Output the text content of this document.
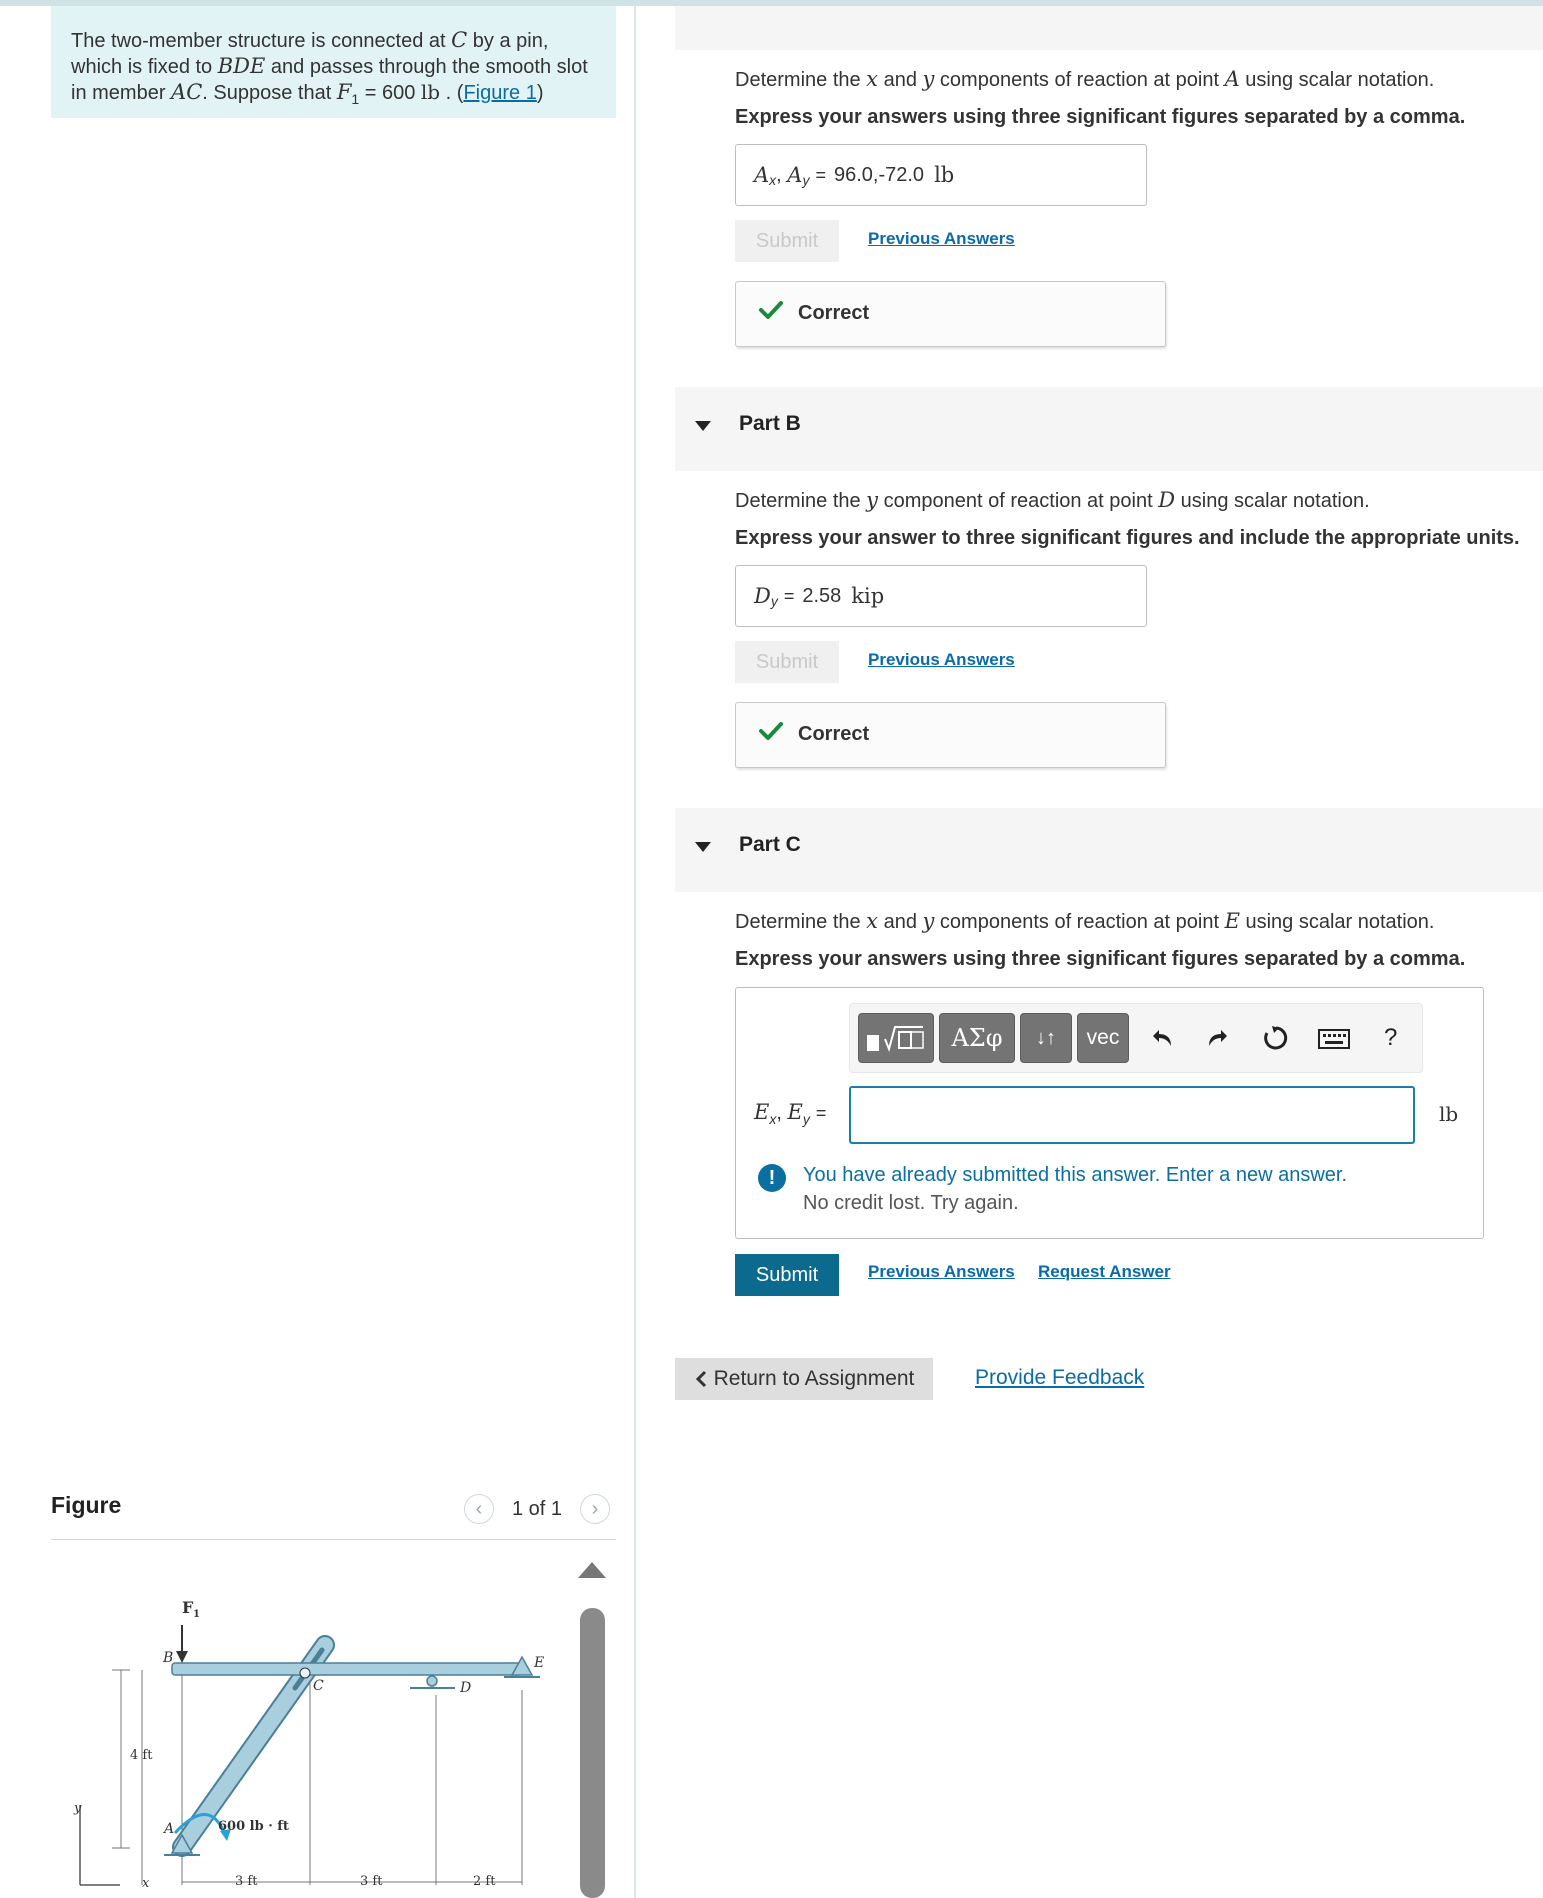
The two-member structure is connected at C by a pin, which is fixed to BDE and passes through the smooth slot in member AC. Suppose that $F_1 = 600$ lb . (Figure 1)
Figure	‹	1 of 1	›
F 1
B
C	D
E
A
y
x
4 ft
600 lb · ft
3 ft	3 ft	2 ft
Determine the x and y components of reaction at point A using scalar notation.
Express your answers using three significant figures separated by a comma.
A x , A y = 96.0,-72.0 lb
Submit	Previous Answers
Correct
Part B
Determine the y component of reaction at point D using scalar notation.
Express your answer to three significant figures and include the appropriate units.
D y = 2.58 kip
Submit	Previous Answers
Correct
Part C
Determine the x and y components of reaction at point E using scalar notation.
Express your answers using three significant figures separated by a comma.
ΑΣφ	↓↑	vec	?
$E_x$, $E_y$ =	lb
!	You have already submitted this answer. Enter a new answer.
No credit lost. Try again.
Submit	Previous Answers Request Answer
Return to Assignment	Provide Feedback
